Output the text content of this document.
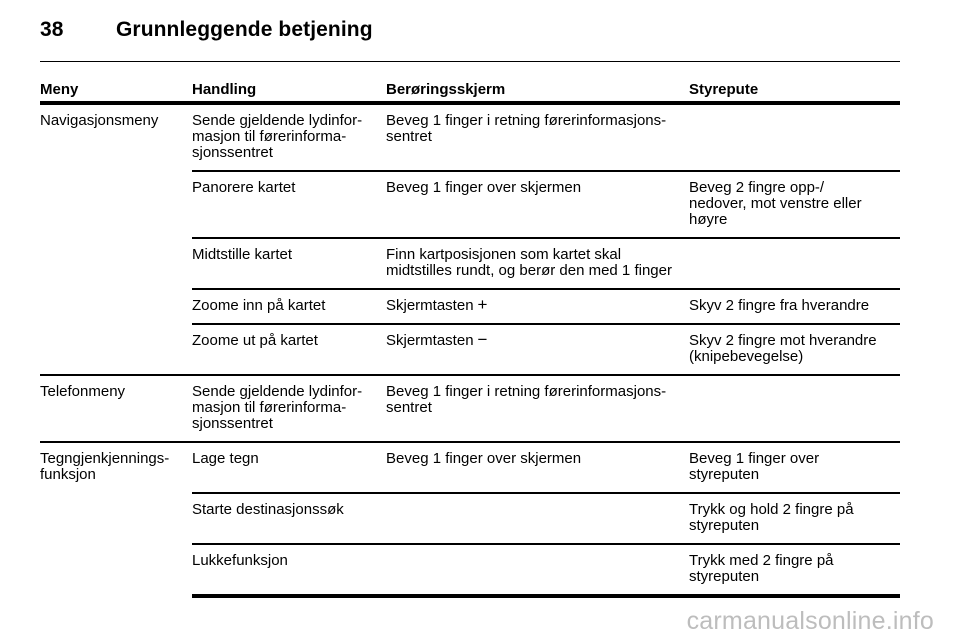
38 Grunnleggende betjening
Meny	Handling	Berøringsskjerm	Styrepute
Navigasjonsmeny	Sende gjeldende lydinfor-
masjon til førerinforma-
sjonssentret	Beveg 1 finger i retning førerinformasjons-
sentret	
	Panorere kartet	Beveg 1 finger over skjermen	Beveg 2 fingre opp-/
nedover, mot venstre eller
høyre
	Midtstille kartet	Finn kartposisjonen som kartet skal
midtstilles rundt, og berør den med 1 finger	
	Zoome inn på kartet	Skjermtasten +	Skyv 2 fingre fra hverandre
	Zoome ut på kartet	Skjermtasten −	Skyv 2 fingre mot hverandre
(knipebevegelse)
Telefonmeny	Sende gjeldende lydinfor-
masjon til førerinforma-
sjonssentret	Beveg 1 finger i retning førerinformasjons-
sentret	
Tegngjenkjennings-
funksjon	Lage tegn	Beveg 1 finger over skjermen	Beveg 1 finger over
styreputen
	Starte destinasjonssøk		Trykk og hold 2 fingre på
styreputen
	Lukkefunksjon		Trykk med 2 fingre på
styreputen
carmanualsonline.info
